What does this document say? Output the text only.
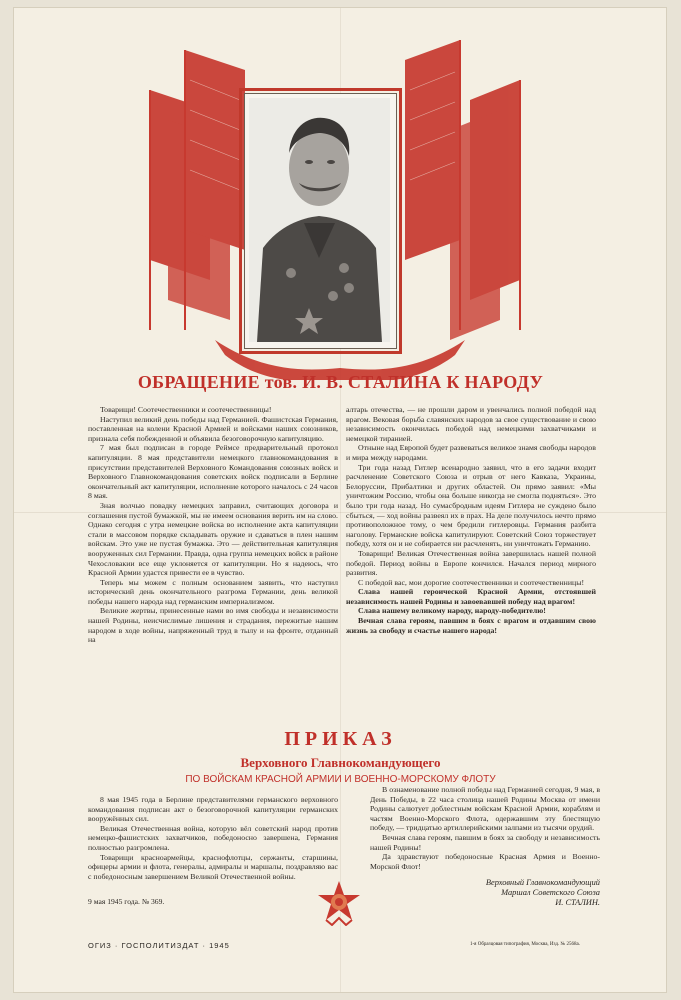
ОБРАЩЕНИЕ тов. И. В. СТАЛИНА К НАРОДУ

Товарищи! Соотечественники и соотечественницы!

Наступил великий день победы над Германией. Фашистская Германия, поставленная на колени Красной Армией и войсками наших союзников, признала себя побежденной и объявила безоговорочную капитуляцию.

7 мая был подписан в городе Реймсе предварительный протокол капитуляции. 8 мая представители немецкого главнокомандования в присутствии представителей Верховного Командования союзных войск и Верховного Главнокомандования советских войск подписали в Берлине окончательный акт капитуляции, исполнение которого началось с 24 часов 8 мая.

Зная волчью повадку немецких заправил, считающих договора и соглашения пустой бумажкой, мы не имеем основания верить им на слово. Однако сегодня с утра немецкие войска во исполнение акта капитуляции стали в массовом порядке складывать оружие и сдаваться в плен нашим войскам. Это уже не пустая бумажка. Это — действительная капитуляция вооруженных сил Германии. Правда, одна группа немецких войск в районе Чехословакии все еще уклоняется от капитуляции. Но я надеюсь, что Красной Армии удастся привести ее в чувство.

Теперь мы можем с полным основанием заявить, что наступил исторический день окончательного разгрома Германии, день великой победы нашего народа над германским империализмом.

Великие жертвы, принесенные нами во имя свободы и независимости нашей Родины, неисчислимые лишения и страдания, пережитые нашим народом в ходе войны, напряженный труд в тылу и на фронте, отданный на

алтарь отечества, — не прошли даром и увенчались полной победой над врагом. Вековая борьба славянских народов за свое существование и свою независимость окончилась победой над немецкими захватчиками и немецкой тиранией.

Отныне над Европой будет развеваться великое знамя свободы народов и мира между народами.

Три года назад Гитлер всенародно заявил, что в его задачи входит расчленение Советского Союза и отрыв от него Кавказа, Украины, Белоруссии, Прибалтики и других областей. Он прямо заявил: «Мы уничтожим Россию, чтобы она больше никогда не смогла подняться». Это было три года назад. Но сумасбродным идеям Гитлера не суждено было сбыться, — ход войны развеял их в прах. На деле получилось нечто прямо противоположное тому, о чем бредили гитлеровцы. Германия разбита наголову. Германские войска капитулируют. Советский Союз торжествует победу, хотя он и не собирается ни расчленять, ни уничтожать Германию.

Товарищи! Великая Отечественная война завершилась нашей полной победой. Период войны в Европе кончился. Начался период мирного развития.

С победой вас, мои дорогие соотечественники и соотечественницы!

Слава нашей героической Красной Армии, отстоявшей независимость нашей Родины и завоевавшей победу над врагом!

Слава нашему великому народу, народу-победителю!

Вечная слава героям, павшим в боях с врагом и отдавшим свою жизнь за свободу и счастье нашего народа!

ПРИКАЗ
Верховного Главнокомандующего
ПО ВОЙСКАМ КРАСНОЙ АРМИИ И ВОЕННО-МОРСКОМУ ФЛОТУ

8 мая 1945 года в Берлине представителями германского верховного командования подписан акт о безоговорочной капитуляции германских вооружённых сил.

Великая Отечественная война, которую вёл советский народ против немецко-фашистских захватчиков, победоносно завершена, Германия полностью разгромлена.

Товарищи красноармейцы, краснофлотцы, сержанты, старшины, офицеры армии и флота, генералы, адмиралы и маршалы, поздравляю вас с победоносным завершением Великой Отечественной войны.

В ознаменование полной победы над Германией сегодня, 9 мая, в День Победы, в 22 часа столица нашей Родины Москва от имени Родины салютует доблестным войскам Красной Армии, кораблям и частям Военно-Морского Флота, одержавшим эту блестящую победу, — тридцатью артиллерийскими залпами из тысячи орудий.

Вечная слава героям, павшим в боях за свободу и независимость нашей Родины!

Да здравствуют победоносные Красная Армия и Военно-Морской Флот!

Верховный Главнокомандующий
Маршал Советского Союза
И. СТАЛИН.
9 мая 1945 года. № 369.
ОГИЗ · ГОСПОЛИТИЗДАТ · 1945	1-я Образцовая типография, Москва, Изд. № 2568а.
